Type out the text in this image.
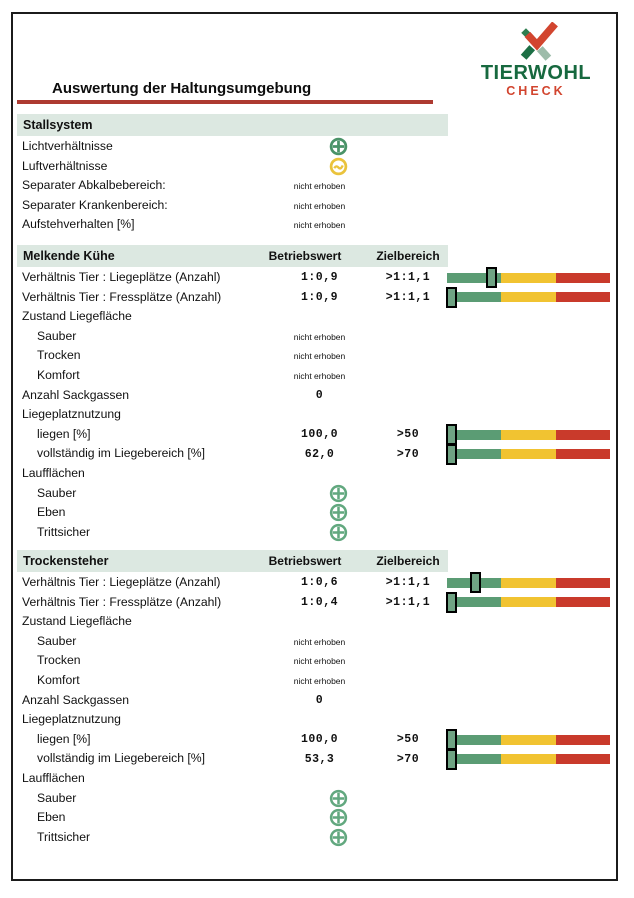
Auswertung der Haltungsumgebung
TIERWOHL
CHECK
Stallsystem
Lichtverhältnisse
Luftverhältnisse
Separater Abkalbebereich:	nicht erhoben
Separater Krankenbereich:	nicht erhoben
Aufstehverhalten [%]	nicht erhoben
Melkende Kühe	Betriebswert	Zielbereich
Verhältnis Tier : Liegeplätze (Anzahl)	1:0,9	>1:1,1
Verhältnis Tier : Fressplätze (Anzahl)	1:0,9	>1:1,1
Zustand Liegefläche
Sauber	nicht erhoben
Trocken	nicht erhoben
Komfort	nicht erhoben
Anzahl Sackgassen	0
Liegeplatznutzung
liegen [%]	100,0	>50
vollständig im Liegebereich [%]	62,0	>70
Laufflächen
Sauber
Eben
Trittsicher
Trockensteher	Betriebswert	Zielbereich
Verhältnis Tier : Liegeplätze (Anzahl)	1:0,6	>1:1,1
Verhältnis Tier : Fressplätze (Anzahl)	1:0,4	>1:1,1
Zustand Liegefläche
Sauber	nicht erhoben
Trocken	nicht erhoben
Komfort	nicht erhoben
Anzahl Sackgassen	0
Liegeplatznutzung
liegen [%]	100,0	>50
vollständig im Liegebereich [%]	53,3	>70
Laufflächen
Sauber
Eben
Trittsicher
